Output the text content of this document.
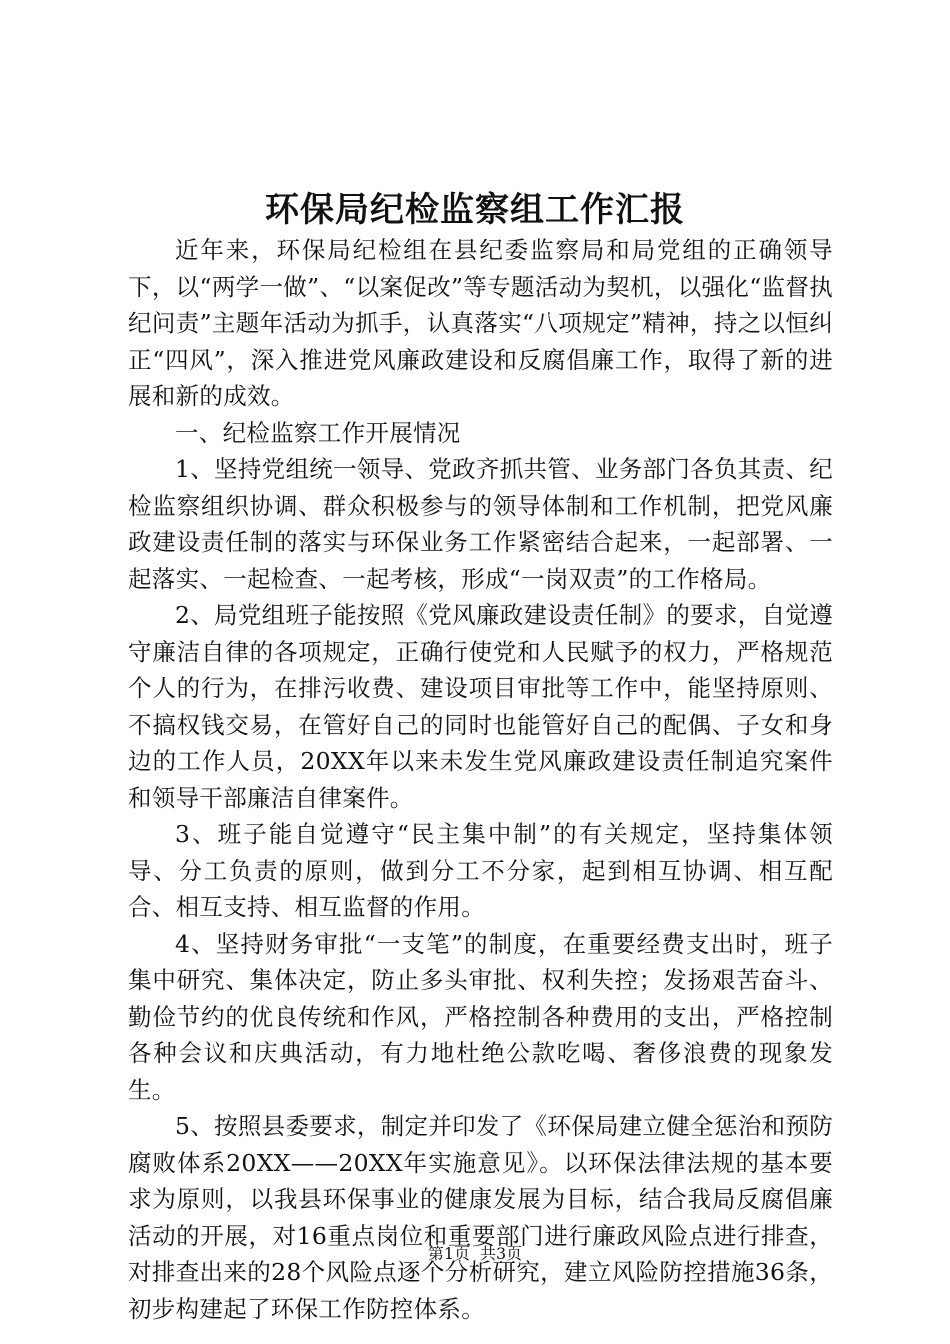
环保局纪检监察组工作汇报

近年来，环保局纪检组在县纪委监察局和局党组的正确领导下，以“两学一做”、“以案促改”等专题活动为契机，以强化“监督执纪问责”主题年活动为抓手，认真落实“八项规定”精神，持之以恒纠正“四风”，深入推进党风廉政建设和反腐倡廉工作，取得了新的进展和新的成效。

一、纪检监察工作开展情况

1、坚持党组统一领导、党政齐抓共管、业务部门各负其责、纪检监察组织协调、群众积极参与的领导体制和工作机制，把党风廉政建设责任制的落实与环保业务工作紧密结合起来，一起部署、一起落实、一起检查、一起考核，形成“一岗双责”的工作格局。

2、局党组班子能按照《党风廉政建设责任制》的要求，自觉遵守廉洁自律的各项规定，正确行使党和人民赋予的权力，严格规范个人的行为，在排污收费、建设项目审批等工作中，能坚持原则、不搞权钱交易，在管好自己的同时也能管好自己的配偶、子女和身边的工作人员，20XX年以来未发生党风廉政建设责任制追究案件和领导干部廉洁自律案件。

3、班子能自觉遵守“民主集中制”的有关规定，坚持集体领导、分工负责的原则，做到分工不分家，起到相互协调、相互配合、相互支持、相互监督的作用。

4、坚持财务审批“一支笔”的制度，在重要经费支出时，班子集中研究、集体决定，防止多头审批、权利失控；发扬艰苦奋斗、勤俭节约的优良传统和作风，严格控制各种费用的支出，严格控制各种会议和庆典活动，有力地杜绝公款吃喝、奢侈浪费的现象发生。

5、按照县委要求，制定并印发了《环保局建立健全惩治和预防腐败体系20XX——20XX年实施意见》。以环保法律法规的基本要求为原则，以我县环保事业的健康发展为目标，结合我局反腐倡廉活动的开展，对16重点岗位和重要部门进行廉政风险点进行排查，对排查出来的28个风险点逐个分析研究，建立风险防控措施36条，初步构建起了环保工作防控体系。

第1页 共3页
